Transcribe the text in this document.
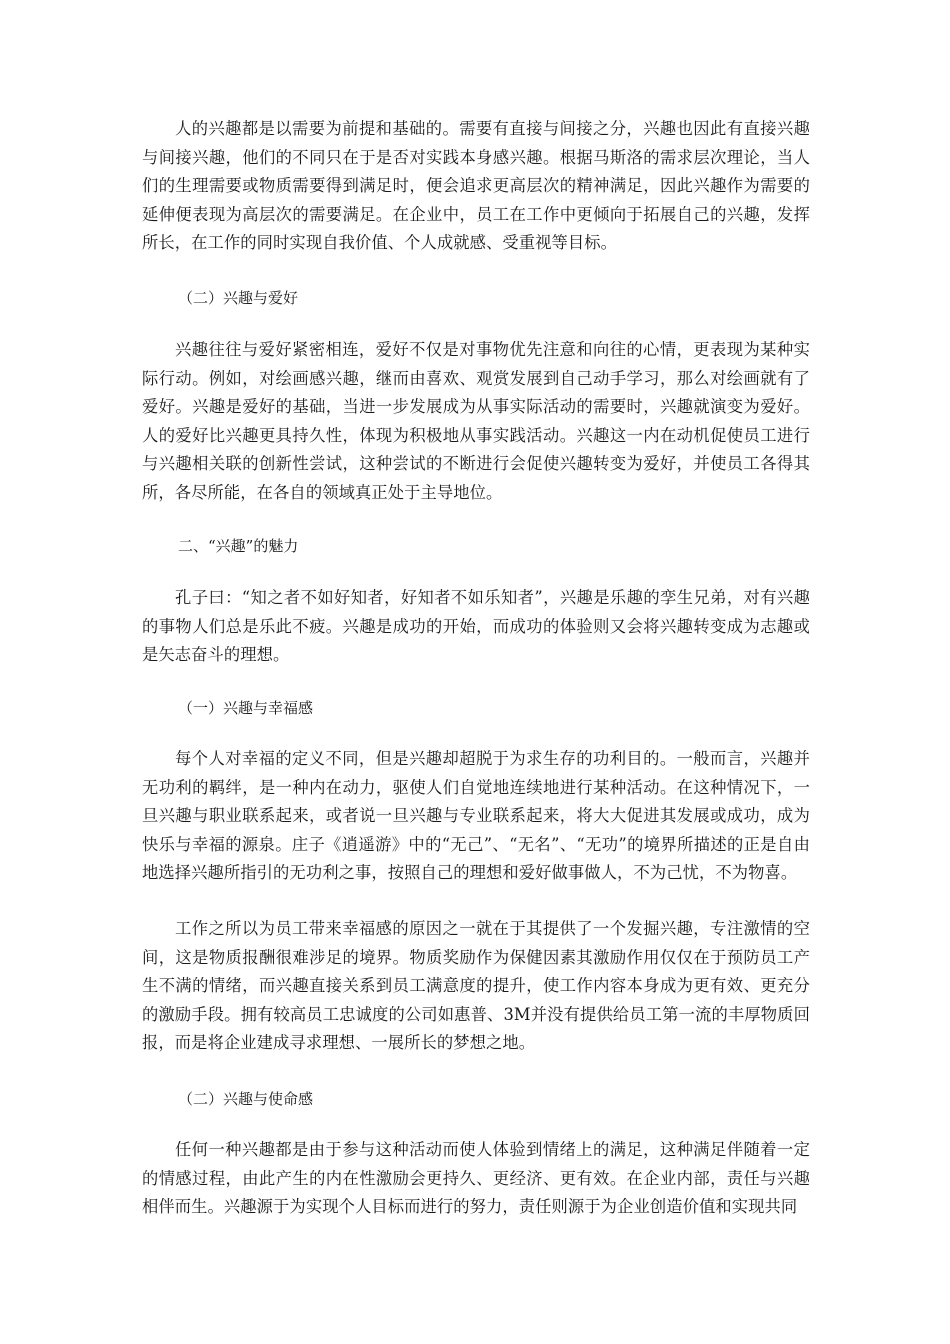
人的兴趣都是以需要为前提和基础的。需要有直接与间接之分，兴趣也因此有直接兴趣与间接兴趣，他们的不同只在于是否对实践本身感兴趣。根据马斯洛的需求层次理论，当人们的生理需要或物质需要得到满足时，便会追求更高层次的精神满足，因此兴趣作为需要的延伸便表现为高层次的需要满足。在企业中，员工在工作中更倾向于拓展自己的兴趣，发挥所长，在工作的同时实现自我价值、个人成就感、受重视等目标。

（二）兴趣与爱好

兴趣往往与爱好紧密相连，爱好不仅是对事物优先注意和向往的心情，更表现为某种实际行动。例如，对绘画感兴趣，继而由喜欢、观赏发展到自己动手学习，那么对绘画就有了爱好。兴趣是爱好的基础，当进一步发展成为从事实际活动的需要时，兴趣就演变为爱好。人的爱好比兴趣更具持久性，体现为积极地从事实践活动。兴趣这一内在动机促使员工进行与兴趣相关联的创新性尝试，这种尝试的不断进行会促使兴趣转变为爱好，并使员工各得其所，各尽所能，在各自的领域真正处于主导地位。

二、“兴趣”的魅力

孔子曰：“知之者不如好知者，好知者不如乐知者”，兴趣是乐趣的孪生兄弟，对有兴趣的事物人们总是乐此不疲。兴趣是成功的开始，而成功的体验则又会将兴趣转变成为志趣或是矢志奋斗的理想。

（一）兴趣与幸福感

每个人对幸福的定义不同，但是兴趣却超脱于为求生存的功利目的。一般而言，兴趣并无功利的羁绊，是一种内在动力，驱使人们自觉地连续地进行某种活动。在这种情况下，一旦兴趣与职业联系起来，或者说一旦兴趣与专业联系起来，将大大促进其发展或成功，成为快乐与幸福的源泉。庄子《逍遥游》中的“无己”、“无名”、“无功”的境界所描述的正是自由地选择兴趣所指引的无功利之事，按照自己的理想和爱好做事做人，不为己忧，不为物喜。

工作之所以为员工带来幸福感的原因之一就在于其提供了一个发掘兴趣，专注激情的空间，这是物质报酬很难涉足的境界。物质奖励作为保健因素其激励作用仅仅在于预防员工产生不满的情绪，而兴趣直接关系到员工满意度的提升，使工作内容本身成为更有效、更充分的激励手段。拥有较高员工忠诚度的公司如惠普、3M并没有提供给员工第一流的丰厚物质回报，而是将企业建成寻求理想、一展所长的梦想之地。

（二）兴趣与使命感

任何一种兴趣都是由于参与这种活动而使人体验到情绪上的满足，这种满足伴随着一定的情感过程，由此产生的内在性激励会更持久、更经济、更有效。在企业内部，责任与兴趣相伴而生。兴趣源于为实现个人目标而进行的努力，责任则源于为企业创造价值和实现共同
